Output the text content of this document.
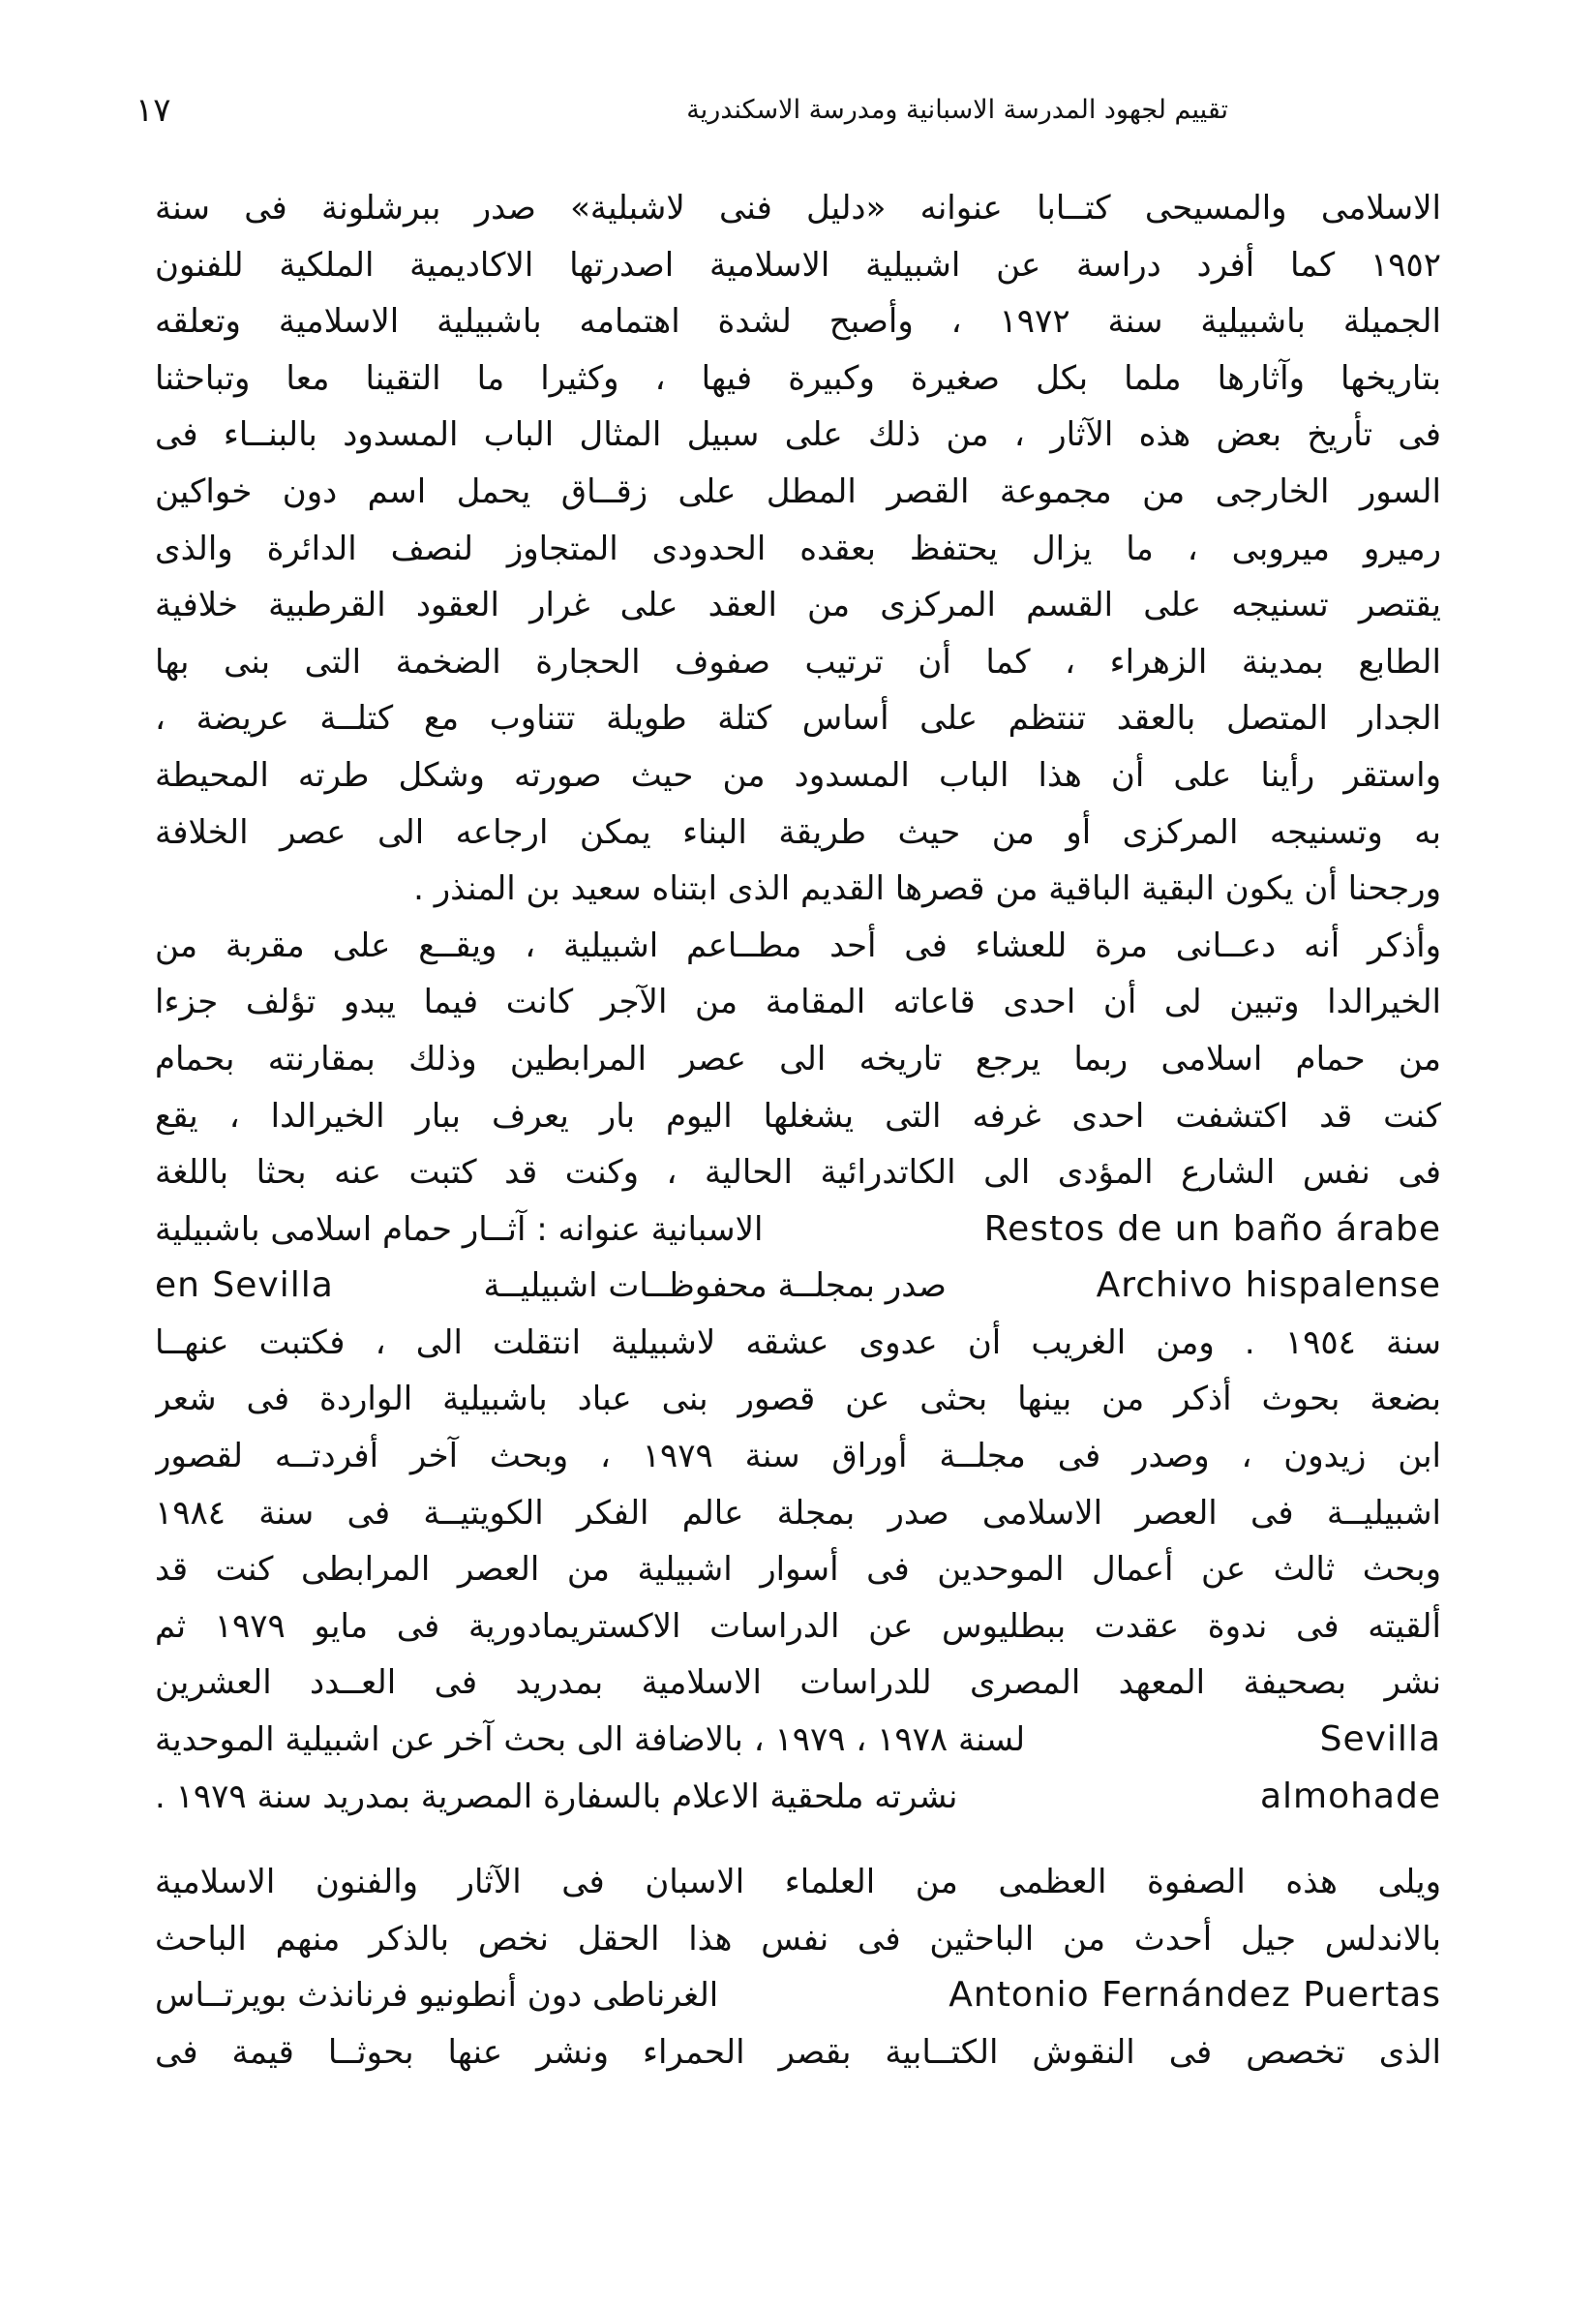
١٧	تقييم لجهود المدرسة الاسبانية ومدرسة الاسكندرية
الاسلامى والمسيحى كتــابا عنوانه «دليل فنى لاشبلية» صدر ببرشلونة فى سنة
١٩٥٢ كما أفرد دراسة عن اشبيلية الاسلامية اصدرتها الاكاديمية الملكية للفنون
الجميلة باشبيلية سنة ١٩٧٢ ، وأصبح لشدة اهتمامه باشبيلية الاسلامية وتعلقه
بتاريخها وآثارها ملما بكل صغيرة وكبيرة فيها ، وكثيرا ما التقينا معا وتباحثنا
فى تأريخ بعض هذه الآثار ، من ذلك على سبيل المثال الباب المسدود بالبنــاء فى
السور الخارجى من مجموعة القصر المطل على زقــاق يحمل اسم دون خواكين
رميرو ميروبى ، ما يزال يحتفظ بعقده الحدودى المتجاوز لنصف الدائرة والذى
يقتصر تسنيجه على القسم المركزى من العقد على غرار العقود القرطبية خلافية
الطابع بمدينة الزهراء ، كما أن ترتيب صفوف الحجارة الضخمة التى بنى بها
الجدار المتصل بالعقد تنتظم على أساس كتلة طويلة تتناوب مع كتلــة عريضة ،
واستقر رأينا على أن هذا الباب المسدود من حيث صورته وشكل طرته المحيطة
به وتسنيجه المركزى أو من حيث طريقة البناء يمكن ارجاعه الى عصر الخلافة
ورجحنا أن يكون البقية الباقية من قصرها القديم الذى ابتناه سعيد بن المنذر .
وأذكر أنه دعــانى مرة للعشاء فى أحد مطــاعم اشبيلية ، ويقــع على مقربة من
الخيرالدا وتبين لى أن احدى قاعاته المقامة من الآجر كانت فيما يبدو تؤلف جزءا
من حمام اسلامى ربما يرجع تاريخه الى عصر المرابطين وذلك بمقارنته بحمام
كنت قد اكتشفت احدى غرفه التى يشغلها اليوم بار يعرف ببار الخيرالدا ، يقع
فى نفس الشارع المؤدى الى الكاتدرائية الحالية ، وكنت قد كتبت عنه بحثا باللغة
الاسبانية عنوانه : آثــار حمام اسلامى باشبيلية	Restos de un baño árabe
en Sevilla	صدر بمجلــة محفوظــات اشبيليــة	Archivo hispalense
سنة ١٩٥٤ . ومن الغريب أن عدوى عشقه لاشبيلية انتقلت الى ، فكتبت عنهــا
بضعة بحوث أذكر من بينها بحثى عن قصور بنى عباد باشبيلية الواردة فى شعر
ابن زيدون ، وصدر فى مجلــة أوراق سنة ١٩٧٩ ، وبحث آخر أفردتــه لقصور
اشبيليــة فى العصر الاسلامى صدر بمجلة عالم الفكر الكويتيــة فى سنة ١٩٨٤
وبحث ثالث عن أعمال الموحدين فى أسوار اشبيلية من العصر المرابطى كنت قد
ألقيته فى ندوة عقدت ببطليوس عن الدراسات الاكستريمادورية فى مايو ١٩٧٩ ثم
نشر بصحيفة المعهد المصرى للدراسات الاسلامية بمدريد فى العــدد العشرين
لسنة ١٩٧٨ ، ١٩٧٩ ، بالاضافة الى بحث آخر عن اشبيلية الموحدية	Sevilla
نشرته ملحقية الاعلام بالسفارة المصرية بمدريد سنة ١٩٧٩ .	almohade
ويلى هذه الصفوة العظمى من العلماء الاسبان فى الآثار والفنون الاسلامية
بالاندلس جيل أحدث من الباحثين فى نفس هذا الحقل نخص بالذكر منهم الباحث
الغرناطى دون أنطونيو فرنانذث بويرتــاس	Antonio Fernández Puertas
الذى تخصص فى النقوش الكتــابية بقصر الحمراء ونشر عنها بحوثــا قيمة فى
